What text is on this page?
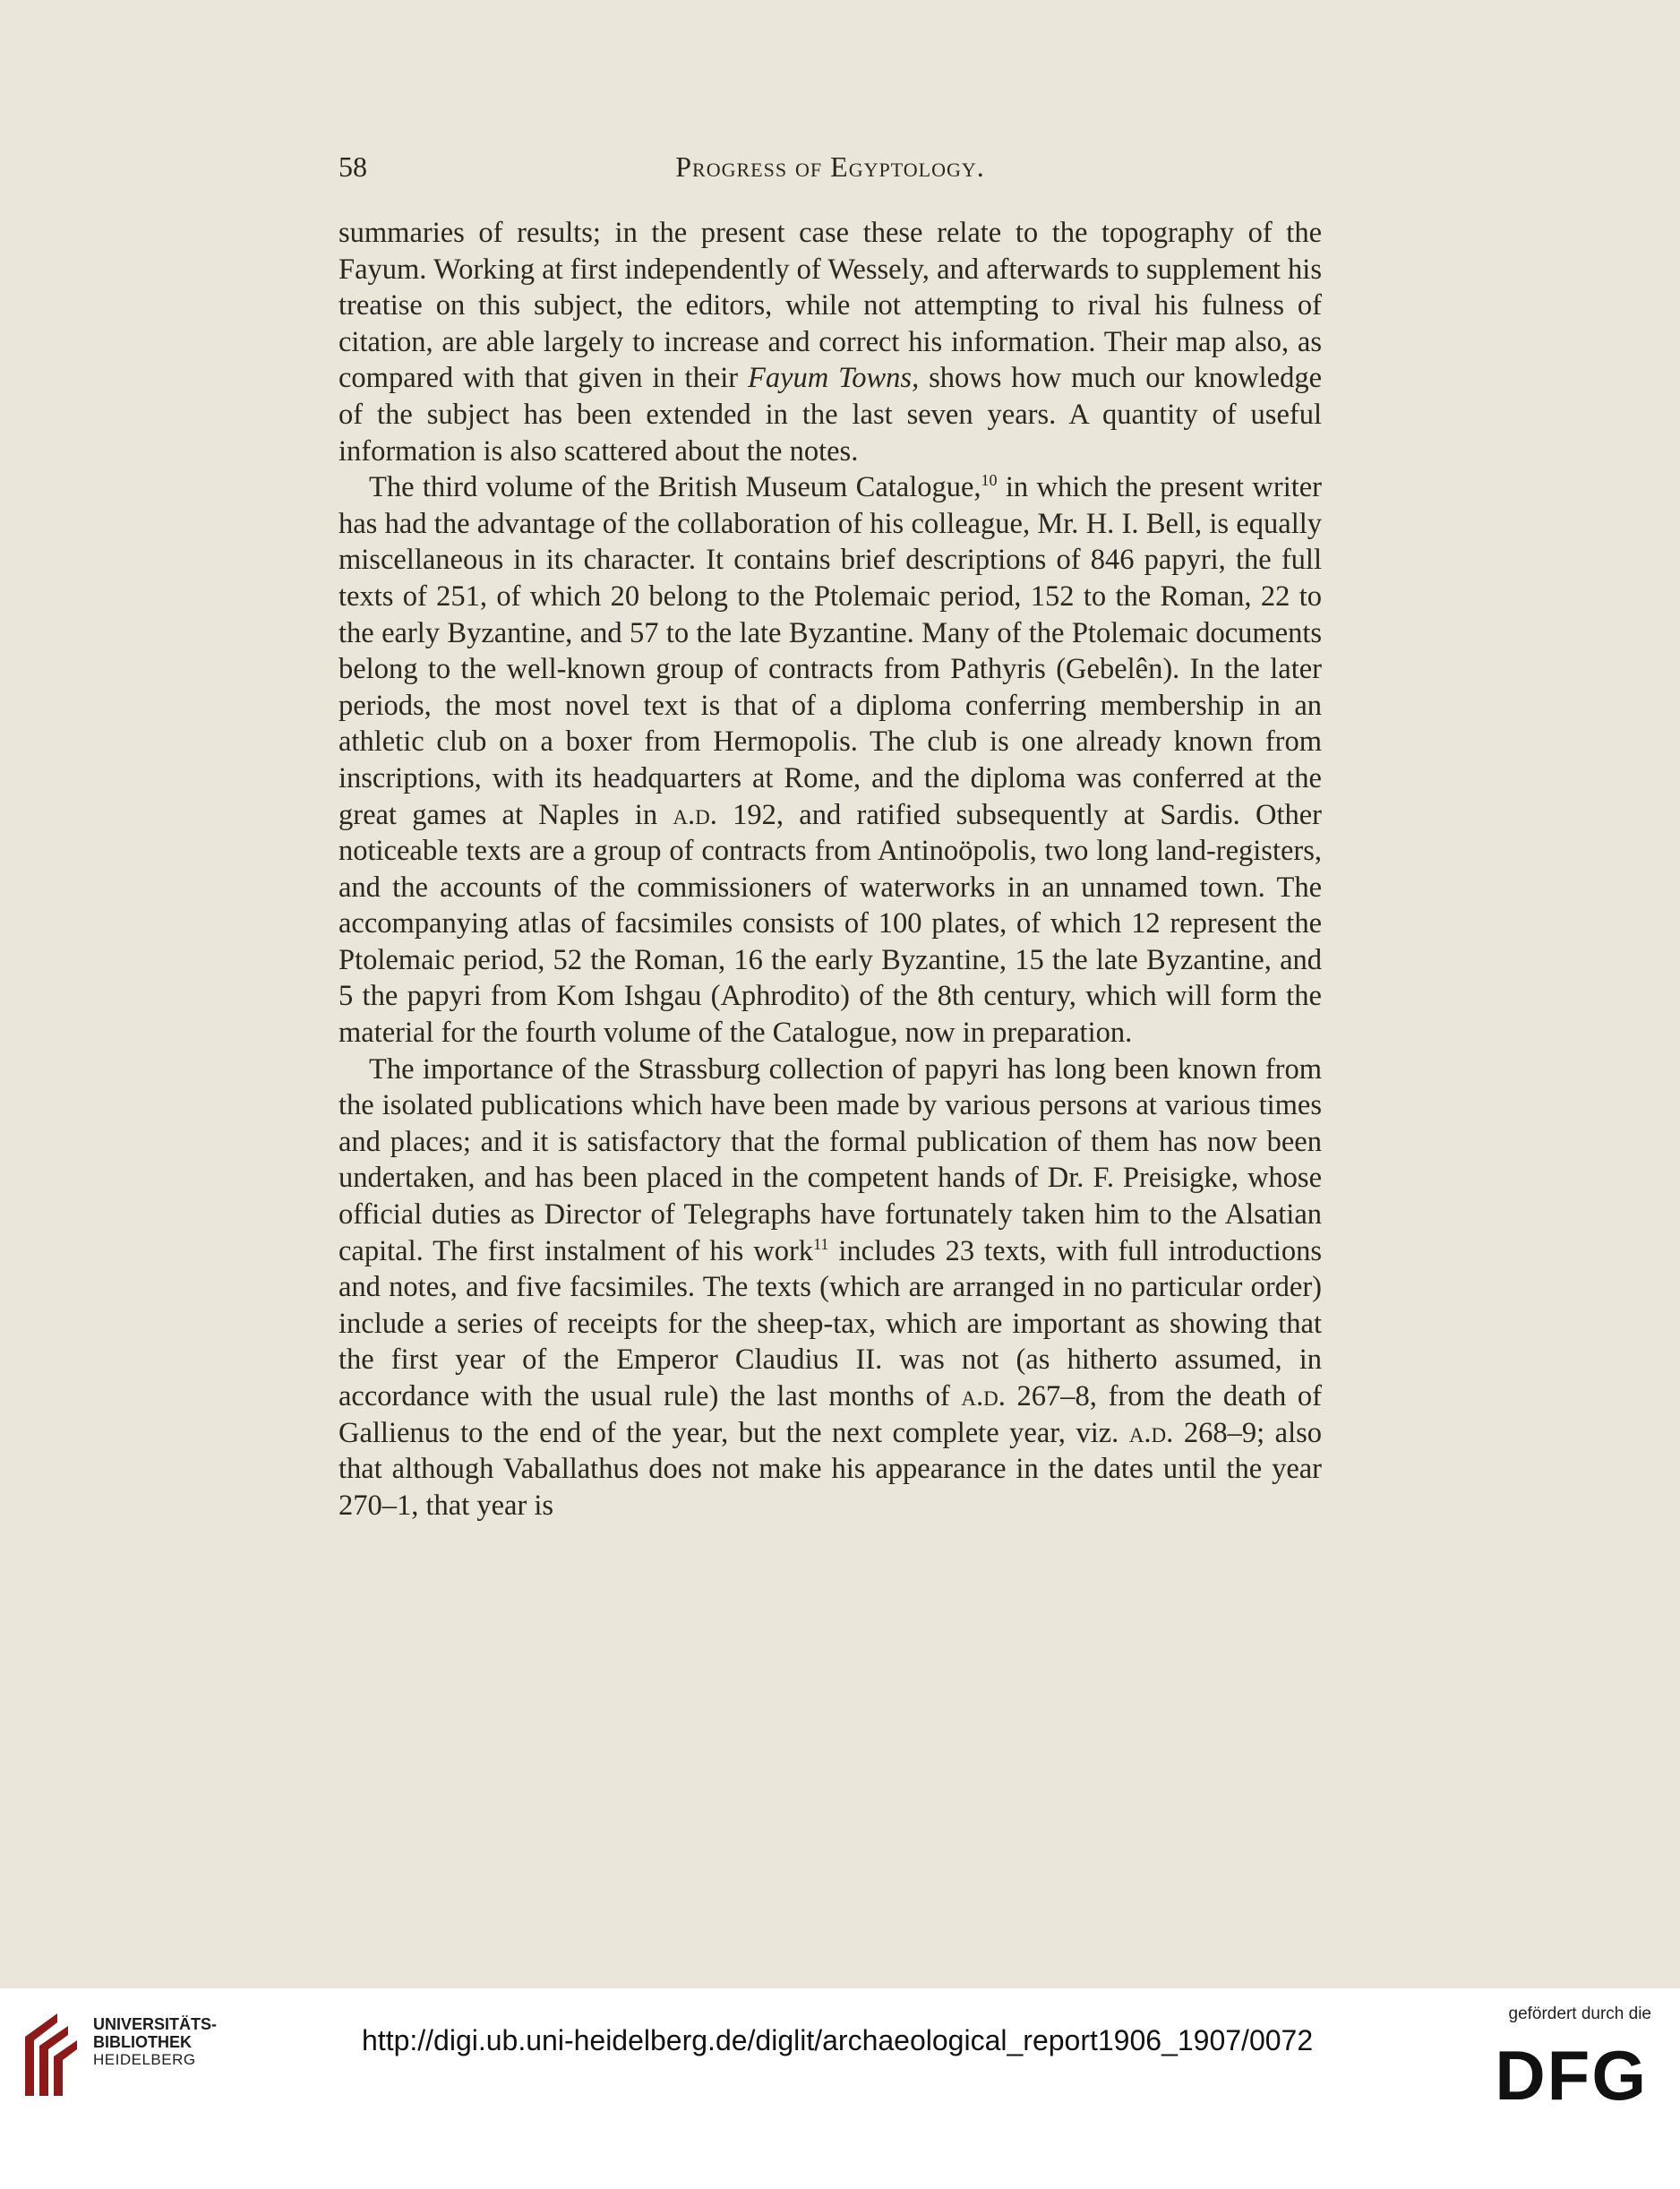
58	Progress of Egyptology.

summaries of results; in the present case these relate to the topography of the Fayum. Working at first independently of Wessely, and afterwards to supplement his treatise on this subject, the editors, while not attempting to rival his fulness of citation, are able largely to increase and correct his information. Their map also, as compared with that given in their Fayum Towns, shows how much our knowledge of the subject has been extended in the last seven years. A quantity of useful information is also scattered about the notes.

The third volume of the British Museum Catalogue,$^{10}$ in which the present writer has had the advantage of the collaboration of his colleague, Mr. H. I. Bell, is equally miscellaneous in its character. It contains brief descriptions of 846 papyri, the full texts of 251, of which 20 belong to the Ptolemaic period, 152 to the Roman, 22 to the early Byzantine, and 57 to the late Byzantine. Many of the Ptolemaic documents belong to the well-known group of contracts from Pathyris (Gebelên). In the later periods, the most novel text is that of a diploma conferring membership in an athletic club on a boxer from Hermopolis. The club is one already known from inscriptions, with its headquarters at Rome, and the diploma was conferred at the great games at Naples in a.d. 192, and ratified subsequently at Sardis. Other noticeable texts are a group of contracts from Antinoöpolis, two long land-registers, and the accounts of the commissioners of waterworks in an unnamed town. The accompanying atlas of facsimiles consists of 100 plates, of which 12 represent the Ptolemaic period, 52 the Roman, 16 the early Byzantine, 15 the late Byzantine, and 5 the papyri from Kom Ishgau (Aphrodito) of the 8th century, which will form the material for the fourth volume of the Catalogue, now in preparation.

The importance of the Strassburg collection of papyri has long been known from the isolated publications which have been made by various persons at various times and places; and it is satisfactory that the formal publication of them has now been undertaken, and has been placed in the competent hands of Dr. F. Preisigke, whose official duties as Director of Telegraphs have fortunately taken him to the Alsatian capital. The first instalment of his work$^{11}$ includes 23 texts, with full introductions and notes, and five facsimiles. The texts (which are arranged in no particular order) include a series of receipts for the sheep-tax, which are important as showing that the first year of the Emperor Claudius II. was not (as hitherto assumed, in accordance with the usual rule) the last months of a.d. 267–8, from the death of Gallienus to the end of the year, but the next complete year, viz. a.d. 268–9; also that although Vaballathus does not make his appearance in the dates until the year 270–1, that year is

UNIVERSITÄTS-
BIBLIOTHEK
HEIDELBERG
http://digi.ub.uni-heidelberg.de/diglit/archaeological_report1906_1907/0072
gefördert durch die
DFG
